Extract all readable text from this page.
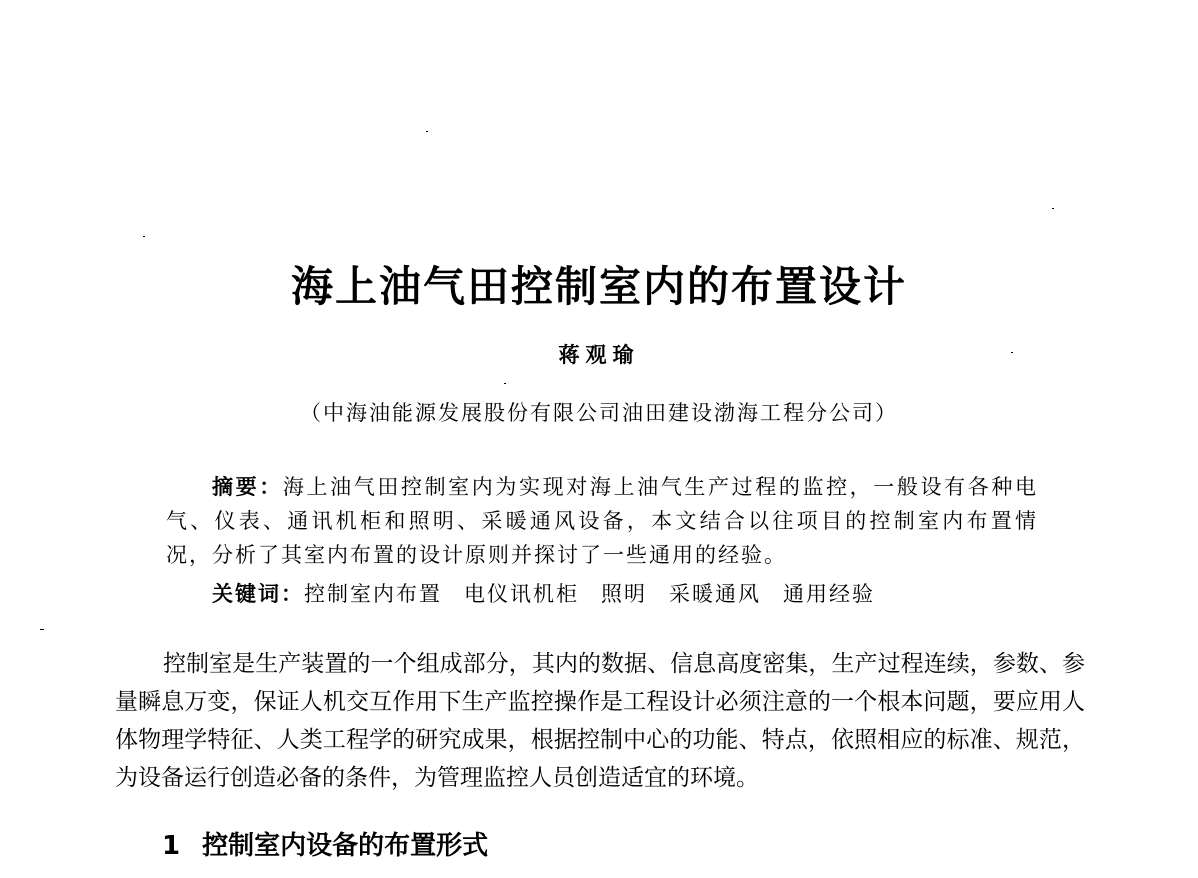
海上油气田控制室内的布置设计
蒋观瑜
（中海油能源发展股份有限公司油田建设渤海工程分公司）

摘要：海上油气田控制室内为实现对海上油气生产过程的监控，一般设有各种电气、仪表、通讯机柜和照明、采暖通风设备，本文结合以往项目的控制室内布置情况，分析了其室内布置的设计原则并探讨了一些通用的经验。

关键词：控制室内布置 电仪讯机柜 照明 采暖通风 通用经验

控制室是生产装置的一个组成部分，其内的数据、信息高度密集，生产过程连续，参数、参量瞬息万变，保证人机交互作用下生产监控操作是工程设计必须注意的一个根本问题，要应用人体物理学特征、人类工程学的研究成果，根据控制中心的功能、特点，依照相应的标准、规范，为设备运行创造必备的条件，为管理监控人员创造适宜的环境。

1 控制室内设备的布置形式
